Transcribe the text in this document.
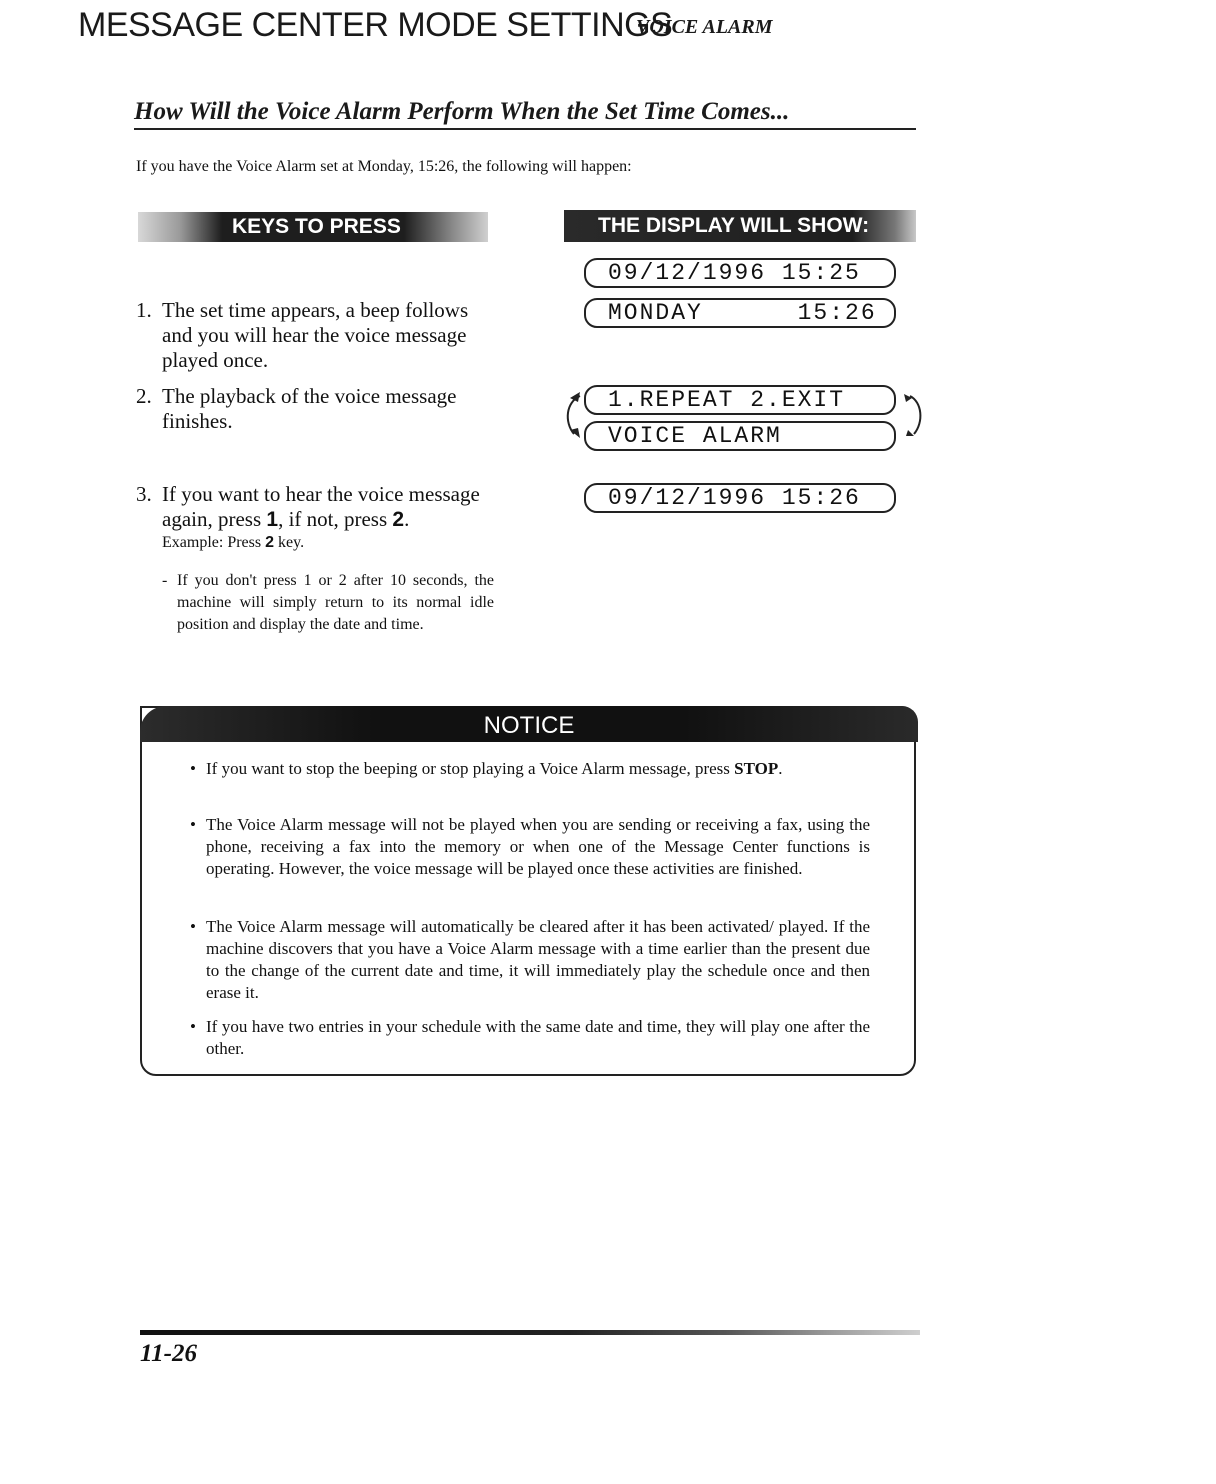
MESSAGE CENTER MODE SETTINGS
VOICE ALARM
How Will the Voice Alarm Perform When the Set Time Comes...
If you have the Voice Alarm set at Monday, 15:26, the following will happen:
KEYS TO PRESS	THE DISPLAY WILL SHOW:
1. The set time appears, a beep follows and you will hear the voice message played once.
2. The playback of the voice message finishes.
3. If you want to hear the voice message again, press 1, if not, press 2.
Example: Press 2 key.
- If you don't press 1 or 2 after 10 seconds, the machine will simply return to its normal idle position and display the date and time.
09/12/1996 15:25
MONDAY      15:26
1.REPEAT 2.EXIT
VOICE ALARM
09/12/1996 15:26
NOTICE
• If you want to stop the beeping or stop playing a Voice Alarm message, press STOP.
• The Voice Alarm message will not be played when you are sending or receiving a fax, using the phone, receiving a fax into the memory or when one of the Message Center functions is operating. However, the voice message will be played once these activities are finished.
• The Voice Alarm message will automatically be cleared after it has been activated/ played. If the machine discovers that you have a Voice Alarm message with a time earlier than the present due to the change of the current date and time, it will immediately play the schedule once and then erase it.
• If you have two entries in your schedule with the same date and time, they will play one after the other.
11-26
